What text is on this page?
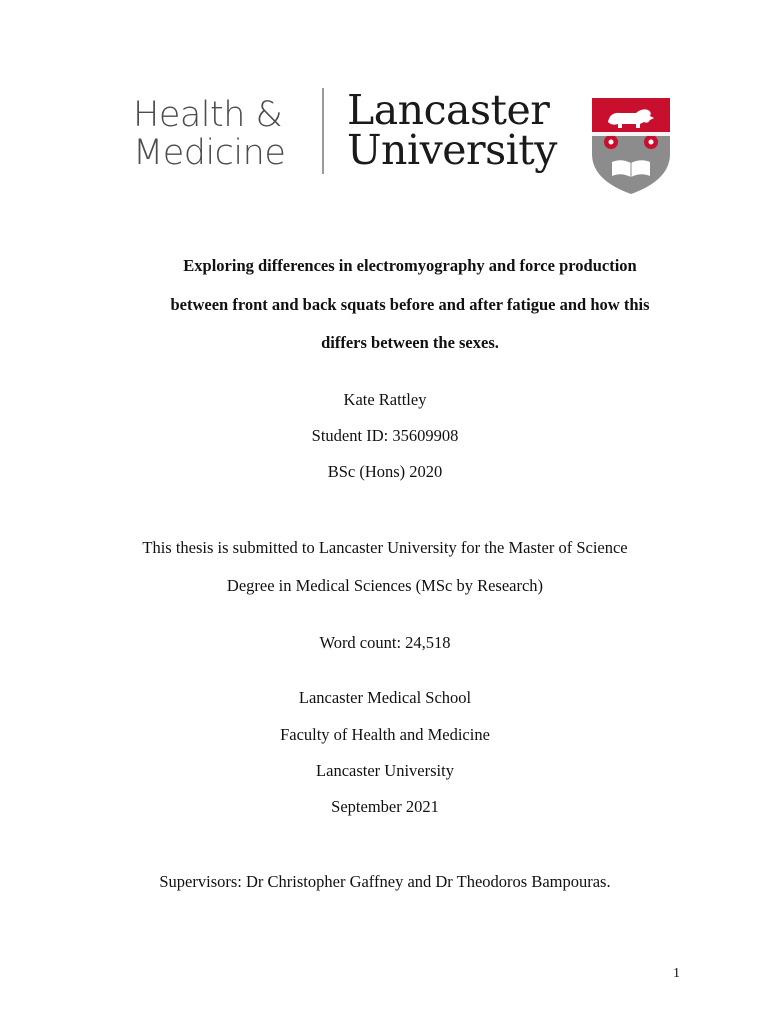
Health &
Medicine
Lancaster
University
Exploring differences in electromyography and force production
between front and back squats before and after fatigue and how this
differs between the sexes.
Kate Rattley
Student ID: 35609908
BSc (Hons) 2020
This thesis is submitted to Lancaster University for the Master of Science
Degree in Medical Sciences (MSc by Research)
Word count: 24,518
Lancaster Medical School
Faculty of Health and Medicine
Lancaster University
September 2021
Supervisors: Dr Christopher Gaffney and Dr Theodoros Bampouras.
1
